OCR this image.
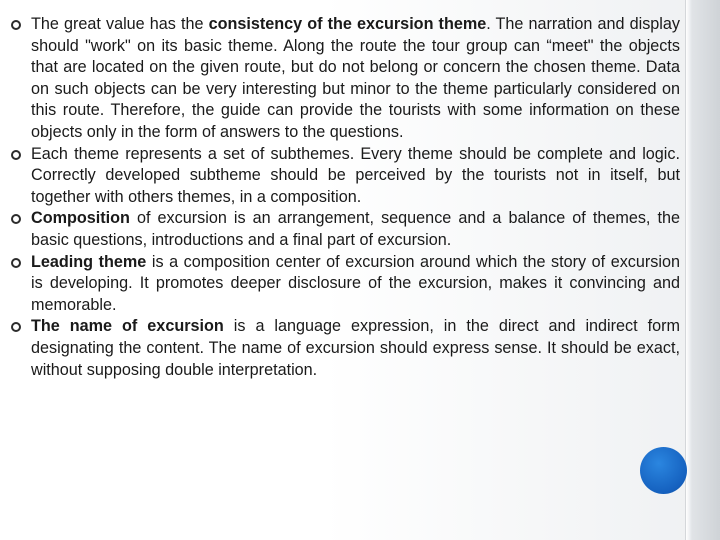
The great value has the consistency of the excursion theme. The narration and display should "work" on its basic theme. Along the route the tour group can “meet" the objects that are located on the given route, but do not belong or concern the chosen theme. Data on such objects can be very interesting but minor to the theme particularly considered on this route. Therefore, the guide can provide the tourists with some information on these objects only in the form of answers to the questions.
Each theme represents a set of subthemes. Every theme should be complete and logic. Correctly developed subtheme should be perceived by the tourists not in itself, but together with others themes, in a composition.
Composition of excursion is an arrangement, sequence and a balance of themes, the basic questions, introductions and a final part of excursion.
Leading theme is a composition center of excursion around which the story of excursion is developing. It promotes deeper disclosure of the excursion, makes it convincing and memorable.
The name of excursion is a language expression, in the direct and indirect form designating the content. The name of excursion should express sense. It should be exact, without supposing double interpretation.
